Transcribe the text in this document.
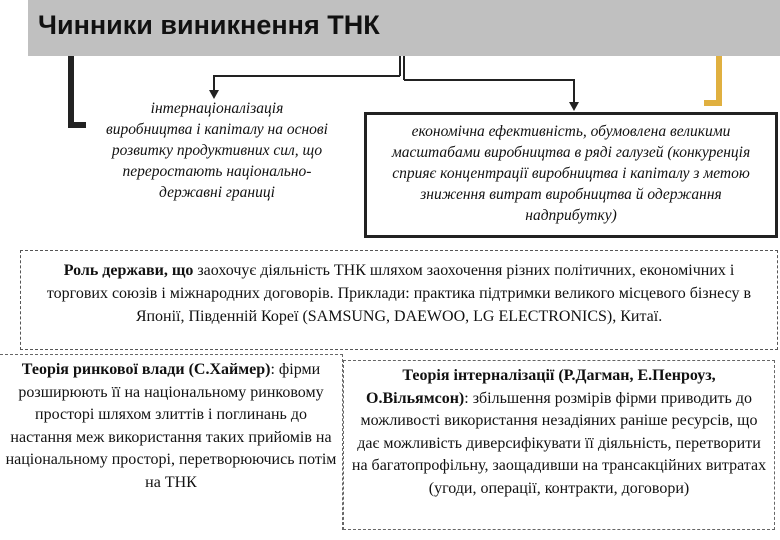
Чинники виникнення ТНК
інтернаціоналізація виробництва і капіталу на основі розвитку продуктивних сил, що переростають національно-державні границі
економічна ефективність, обумовлена великими масштабами виробництва в ряді галузей (конкуренція сприяє концентрації виробництва і капіталу з метою зниження витрат виробництва й одержання надприбутку)
Роль держави, що заохочує діяльність ТНК шляхом заохочення різних політичних, економічних і торгових союзів і міжнародних договорів. Приклади: практика підтримки великого місцевого бізнесу в Японії, Південній Кореї (SAMSUNG, DAEWOO, LG ELECTRONICS), Китаї.
Теорія ринкової влади (С.Хаймер): фірми розширюють її на національному ринковому просторі шляхом злиттів і поглинань до настання меж використання таких прийомів на національному просторі, перетворюючись потім на ТНК
Теорія інтерналізації (Р.Дагман, Е.Пенроуз, О.Вільямсон): збільшення розмірів фірми приводить до можливості використання незадіяних раніше ресурсів, що дає можливість диверсифікувати її діяльність, перетворити на багатопрофільну, заощадивши на трансакційних витратах (угоди, операції, контракти, договори)
